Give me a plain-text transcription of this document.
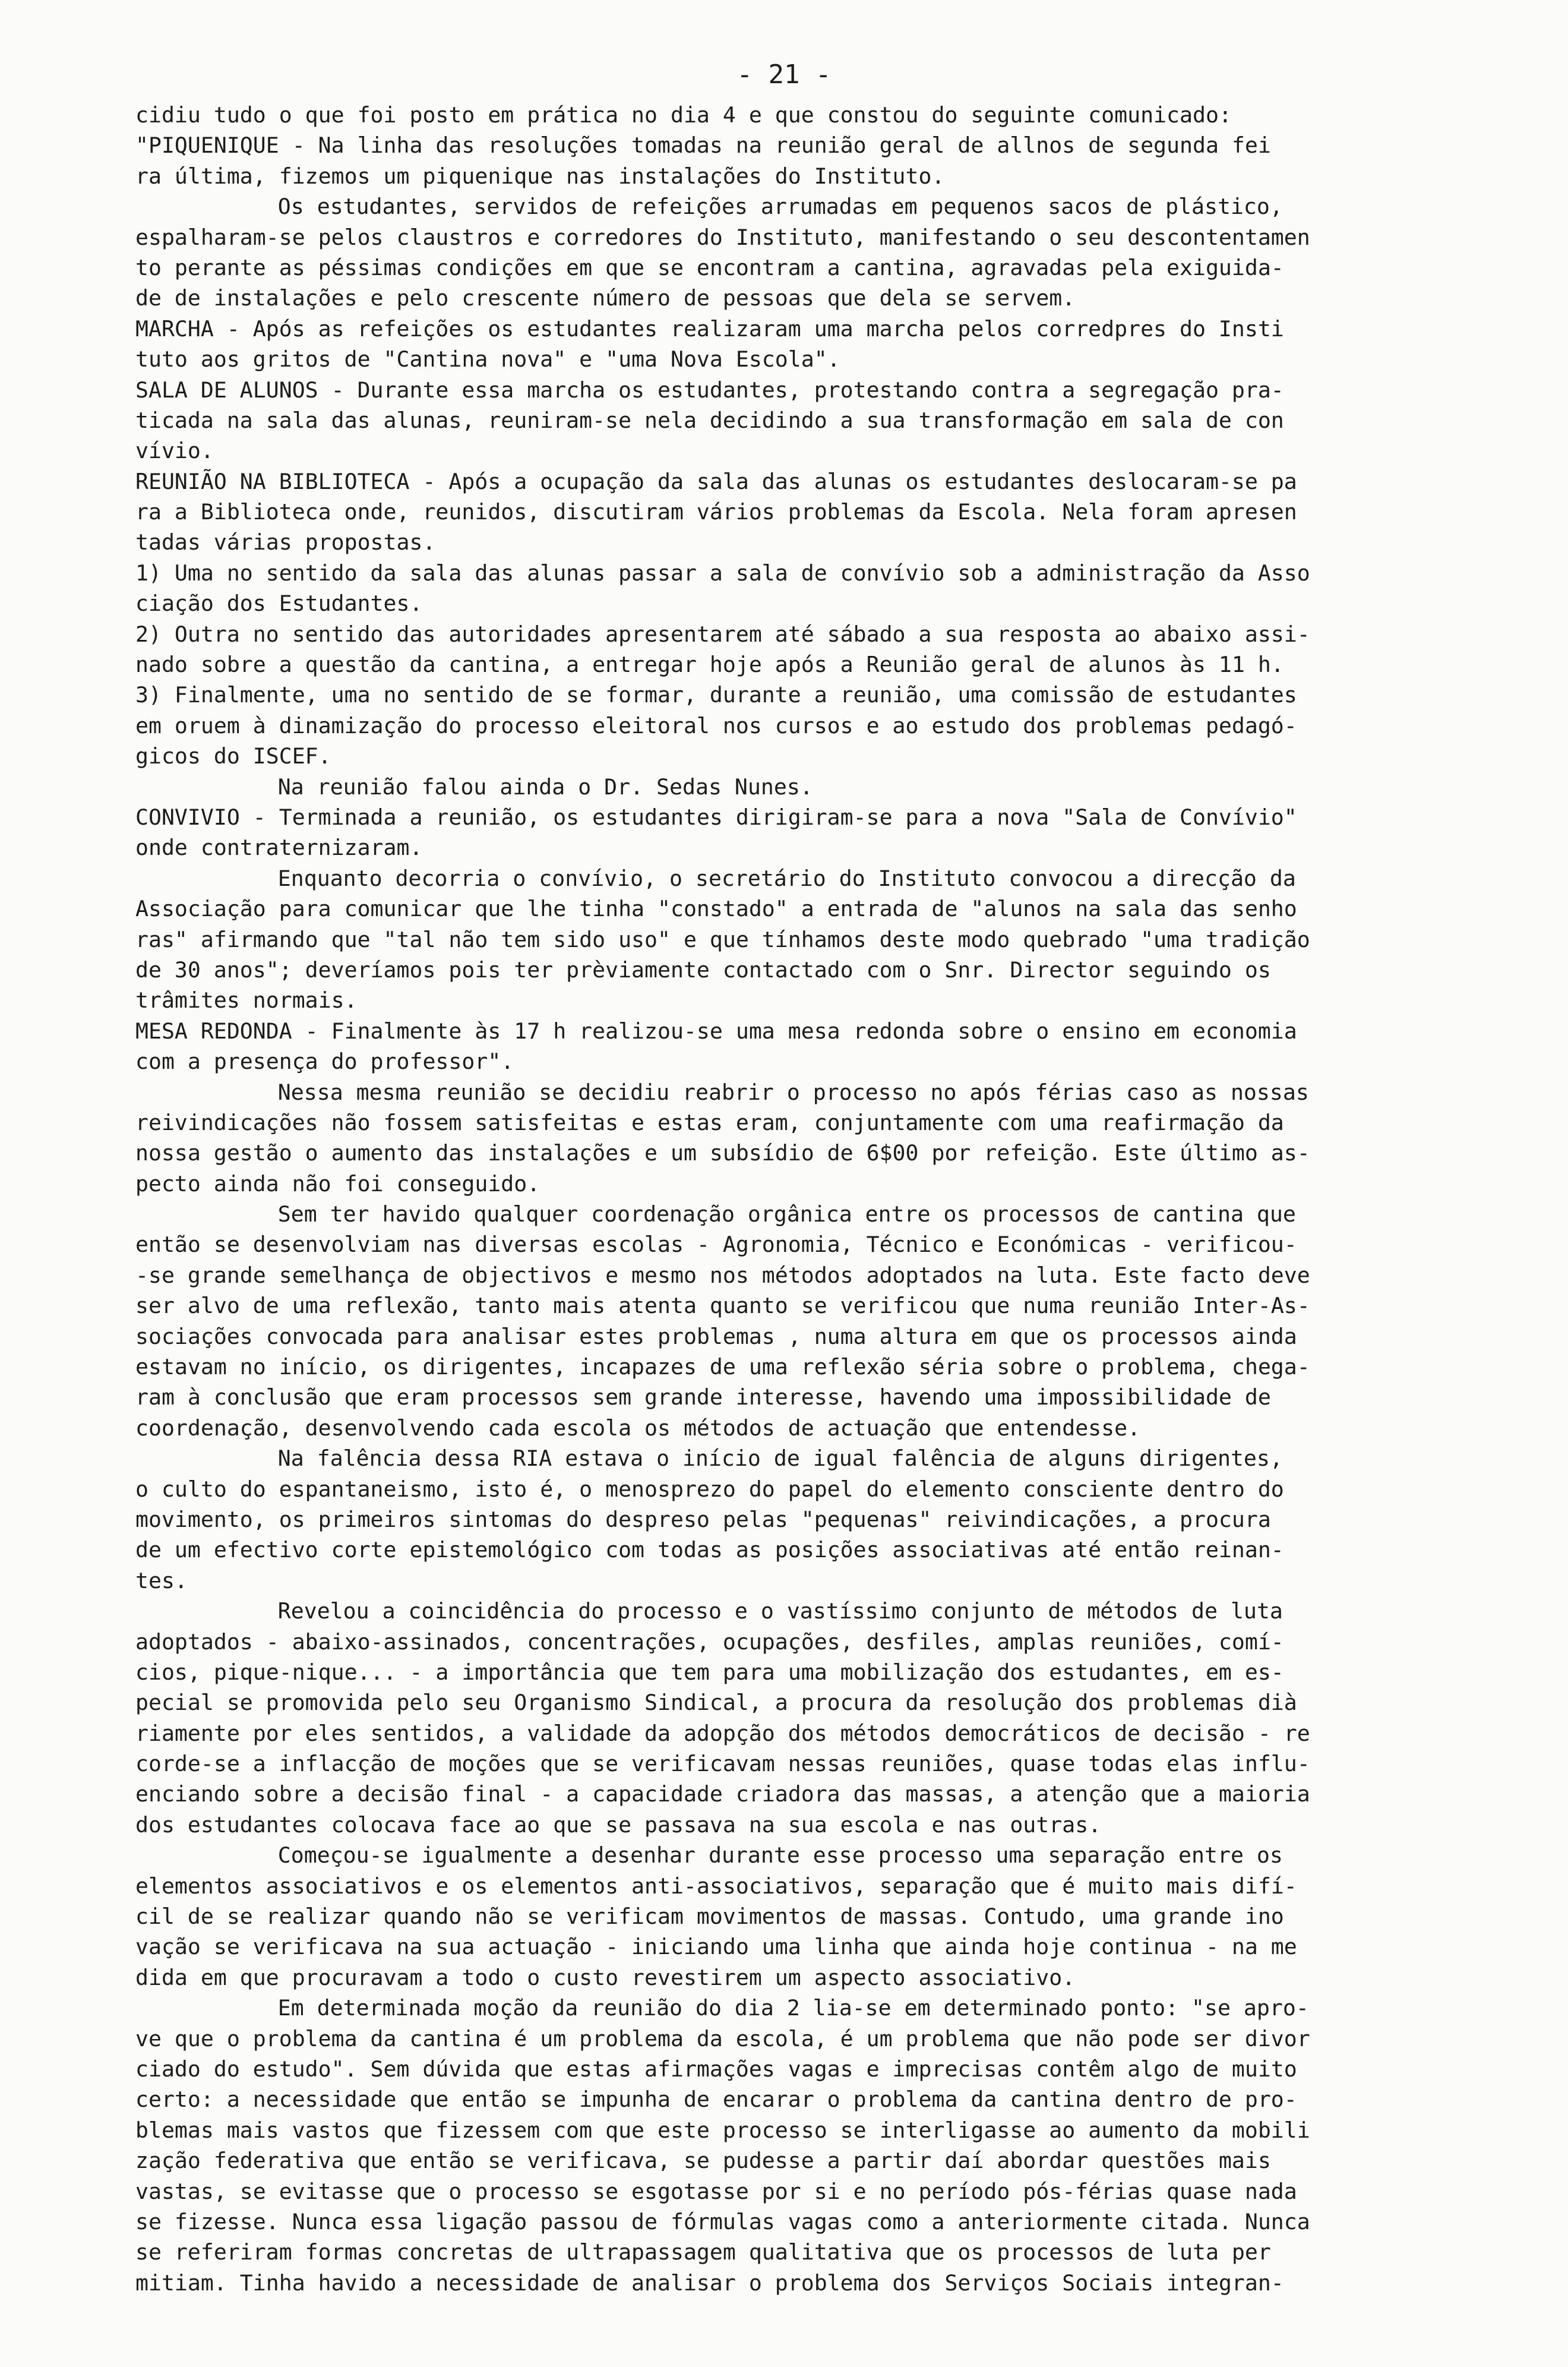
- 21 -
cidiu tudo o que foi posto em prática no dia 4 e que constou do seguinte comunicado:
"PIQUENIQUE - Na linha das resoluções tomadas na reunião geral de allnos de segunda fei
ra última, fizemos um piquenique nas instalações do Instituto.
Os estudantes, servidos de refeições arrumadas em pequenos sacos de plástico,
espalharam-se pelos claustros e corredores do Instituto, manifestando o seu descontentamen
to perante as péssimas condições em que se encontram a cantina, agravadas pela exiguida-
de de instalações e pelo crescente número de pessoas que dela se servem.
MARCHA - Após as refeições os estudantes realizaram uma marcha pelos corredpres do Insti
tuto aos gritos de "Cantina nova" e "uma Nova Escola".
SALA DE ALUNOS - Durante essa marcha os estudantes, protestando contra a segregação pra-
ticada na sala das alunas, reuniram-se nela decidindo a sua transformação em sala de con
vívio.
REUNIÃO NA BIBLIOTECA - Após a ocupação da sala das alunas os estudantes deslocaram-se pa
ra a Biblioteca onde, reunidos, discutiram vários problemas da Escola. Nela foram apresen
tadas várias propostas.
1) Uma no sentido da sala das alunas passar a sala de convívio sob a administração da Asso
ciação dos Estudantes.
2) Outra no sentido das autoridades apresentarem até sábado a sua resposta ao abaixo assi-
nado sobre a questão da cantina, a entregar hoje após a Reunião geral de alunos às 11 h.
3) Finalmente, uma no sentido de se formar, durante a reunião, uma comissão de estudantes
em oruem à dinamização do processo eleitoral nos cursos e ao estudo dos problemas pedagó-
gicos do ISCEF.
Na reunião falou ainda o Dr. Sedas Nunes.
CONVIVIO - Terminada a reunião, os estudantes dirigiram-se para a nova "Sala de Convívio"
onde contraternizaram.
Enquanto decorria o convívio, o secretário do Instituto convocou a direcção da
Associação para comunicar que lhe tinha "constado" a entrada de "alunos na sala das senho
ras" afirmando que "tal não tem sido uso" e que tínhamos deste modo quebrado "uma tradição
de 30 anos"; deveríamos pois ter prèviamente contactado com o Snr. Director seguindo os
trâmites normais.
MESA REDONDA - Finalmente às 17 h realizou-se uma mesa redonda sobre o ensino em economia
com a presença do professor".
Nessa mesma reunião se decidiu reabrir o processo no após férias caso as nossas
reivindicações não fossem satisfeitas e estas eram, conjuntamente com uma reafirmação da
nossa gestão o aumento das instalações e um subsídio de 6$00 por refeição. Este último as-
pecto ainda não foi conseguido.
Sem ter havido qualquer coordenação orgânica entre os processos de cantina que
então se desenvolviam nas diversas escolas - Agronomia, Técnico e Económicas - verificou-
-se grande semelhança de objectivos e mesmo nos métodos adoptados na luta. Este facto deve
ser alvo de uma reflexão, tanto mais atenta quanto se verificou que numa reunião Inter-As-
sociações convocada para analisar estes problemas , numa altura em que os processos ainda
estavam no início, os dirigentes, incapazes de uma reflexão séria sobre o problema, chega-
ram à conclusão que eram processos sem grande interesse, havendo uma impossibilidade de
coordenação, desenvolvendo cada escola os métodos de actuação que entendesse.
Na falência dessa RIA estava o início de igual falência de alguns dirigentes,
o culto do espantaneismo, isto é, o menosprezo do papel do elemento consciente dentro do
movimento, os primeiros sintomas do despreso pelas "pequenas" reivindicações, a procura
de um efectivo corte epistemológico com todas as posições associativas até então reinan-
tes.
Revelou a coincidência do processo e o vastíssimo conjunto de métodos de luta
adoptados - abaixo-assinados, concentrações, ocupações, desfiles, amplas reuniões, comí-
cios, pique-nique... - a importância que tem para uma mobilização dos estudantes, em es-
pecial se promovida pelo seu Organismo Sindical, a procura da resolução dos problemas dià
riamente por eles sentidos, a validade da adopção dos métodos democráticos de decisão - re
corde-se a inflacção de moções que se verificavam nessas reuniões, quase todas elas influ-
enciando sobre a decisão final - a capacidade criadora das massas, a atenção que a maioria
dos estudantes colocava face ao que se passava na sua escola e nas outras.
Começou-se igualmente a desenhar durante esse processo uma separação entre os
elementos associativos e os elementos anti-associativos, separação que é muito mais difí-
cil de se realizar quando não se verificam movimentos de massas. Contudo, uma grande ino
vação se verificava na sua actuação - iniciando uma linha que ainda hoje continua - na me
dida em que procuravam a todo o custo revestirem um aspecto associativo.
Em determinada moção da reunião do dia 2 lia-se em determinado ponto: "se apro-
ve que o problema da cantina é um problema da escola, é um problema que não pode ser divor
ciado do estudo". Sem dúvida que estas afirmações vagas e imprecisas contêm algo de muito
certo: a necessidade que então se impunha de encarar o problema da cantina dentro de pro-
blemas mais vastos que fizessem com que este processo se interligasse ao aumento da mobili
zação federativa que então se verificava, se pudesse a partir daí abordar questões mais
vastas, se evitasse que o processo se esgotasse por si e no período pós-férias quase nada
se fizesse. Nunca essa ligação passou de fórmulas vagas como a anteriormente citada. Nunca
se referiram formas concretas de ultrapassagem qualitativa que os processos de luta per
mitiam. Tinha havido a necessidade de analisar o problema dos Serviços Sociais integran-
